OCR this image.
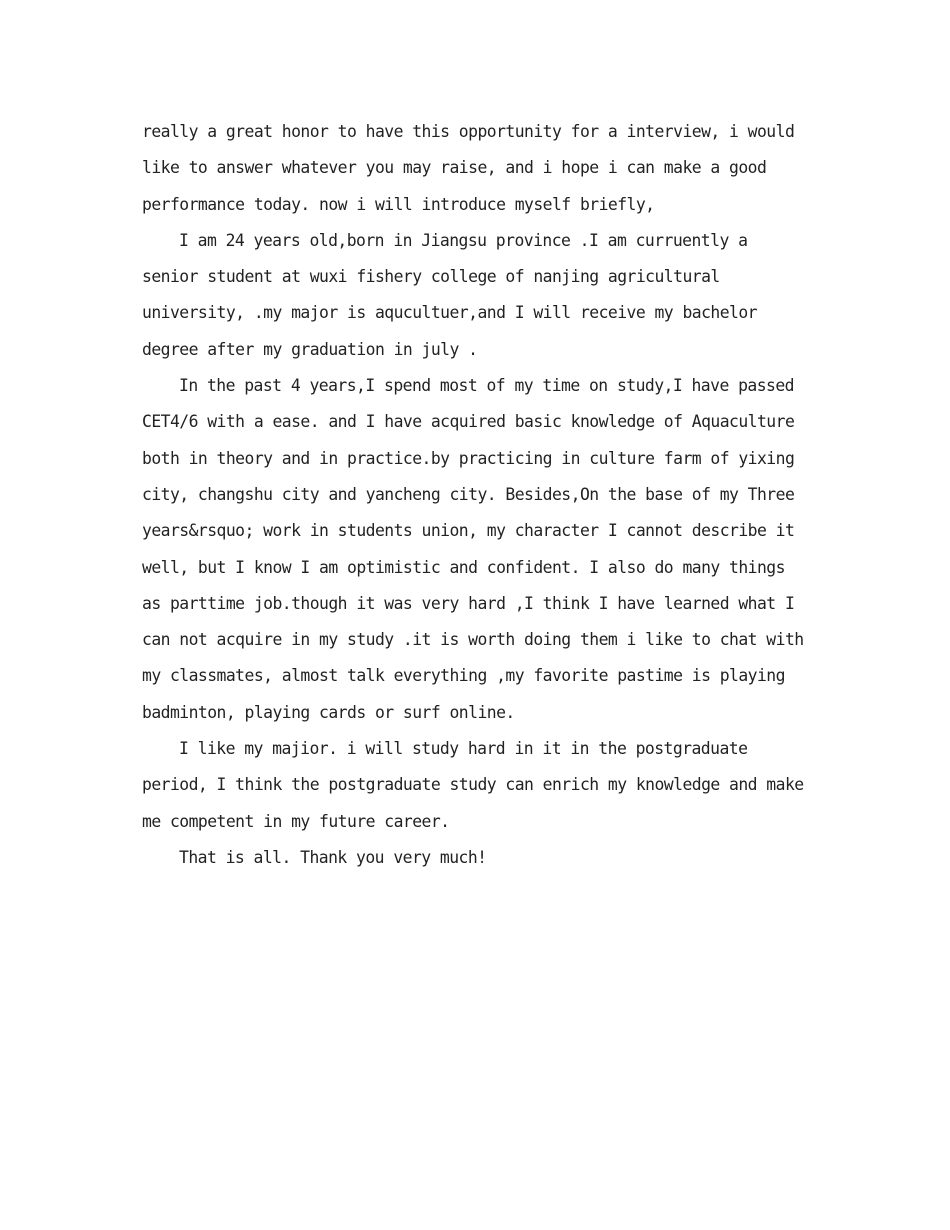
really a great honor to have this opportunity for a interview, i would
like to answer whatever you may raise, and i hope i can make a good
performance today. now i will introduce myself briefly,

I am 24 years old,born in Jiangsu province .I am curruently a
senior student at wuxi fishery college of nanjing agricultural
university, .my major is aqucultuer,and I will receive my bachelor
degree after my graduation in july .

In the past 4 years,I spend most of my time on study,I have passed
CET4/6 with a ease. and I have acquired basic knowledge of Aquaculture
both in theory and in practice.by practicing in culture farm of yixing
city, changshu city and yancheng city. Besides,On the base of my Three
years&rsquo; work in students union, my character I cannot describe it
well, but I know I am optimistic and confident. I also do many things
as parttime job.though it was very hard ,I think I have learned what I
can not acquire in my study .it is worth doing them i like to chat with
my classmates, almost talk everything ,my favorite pastime is playing
badminton, playing cards or surf online.

I like my majior. i will study hard in it in the postgraduate
period, I think the postgraduate study can enrich my knowledge and make
me competent in my future career.

That is all. Thank you very much!
